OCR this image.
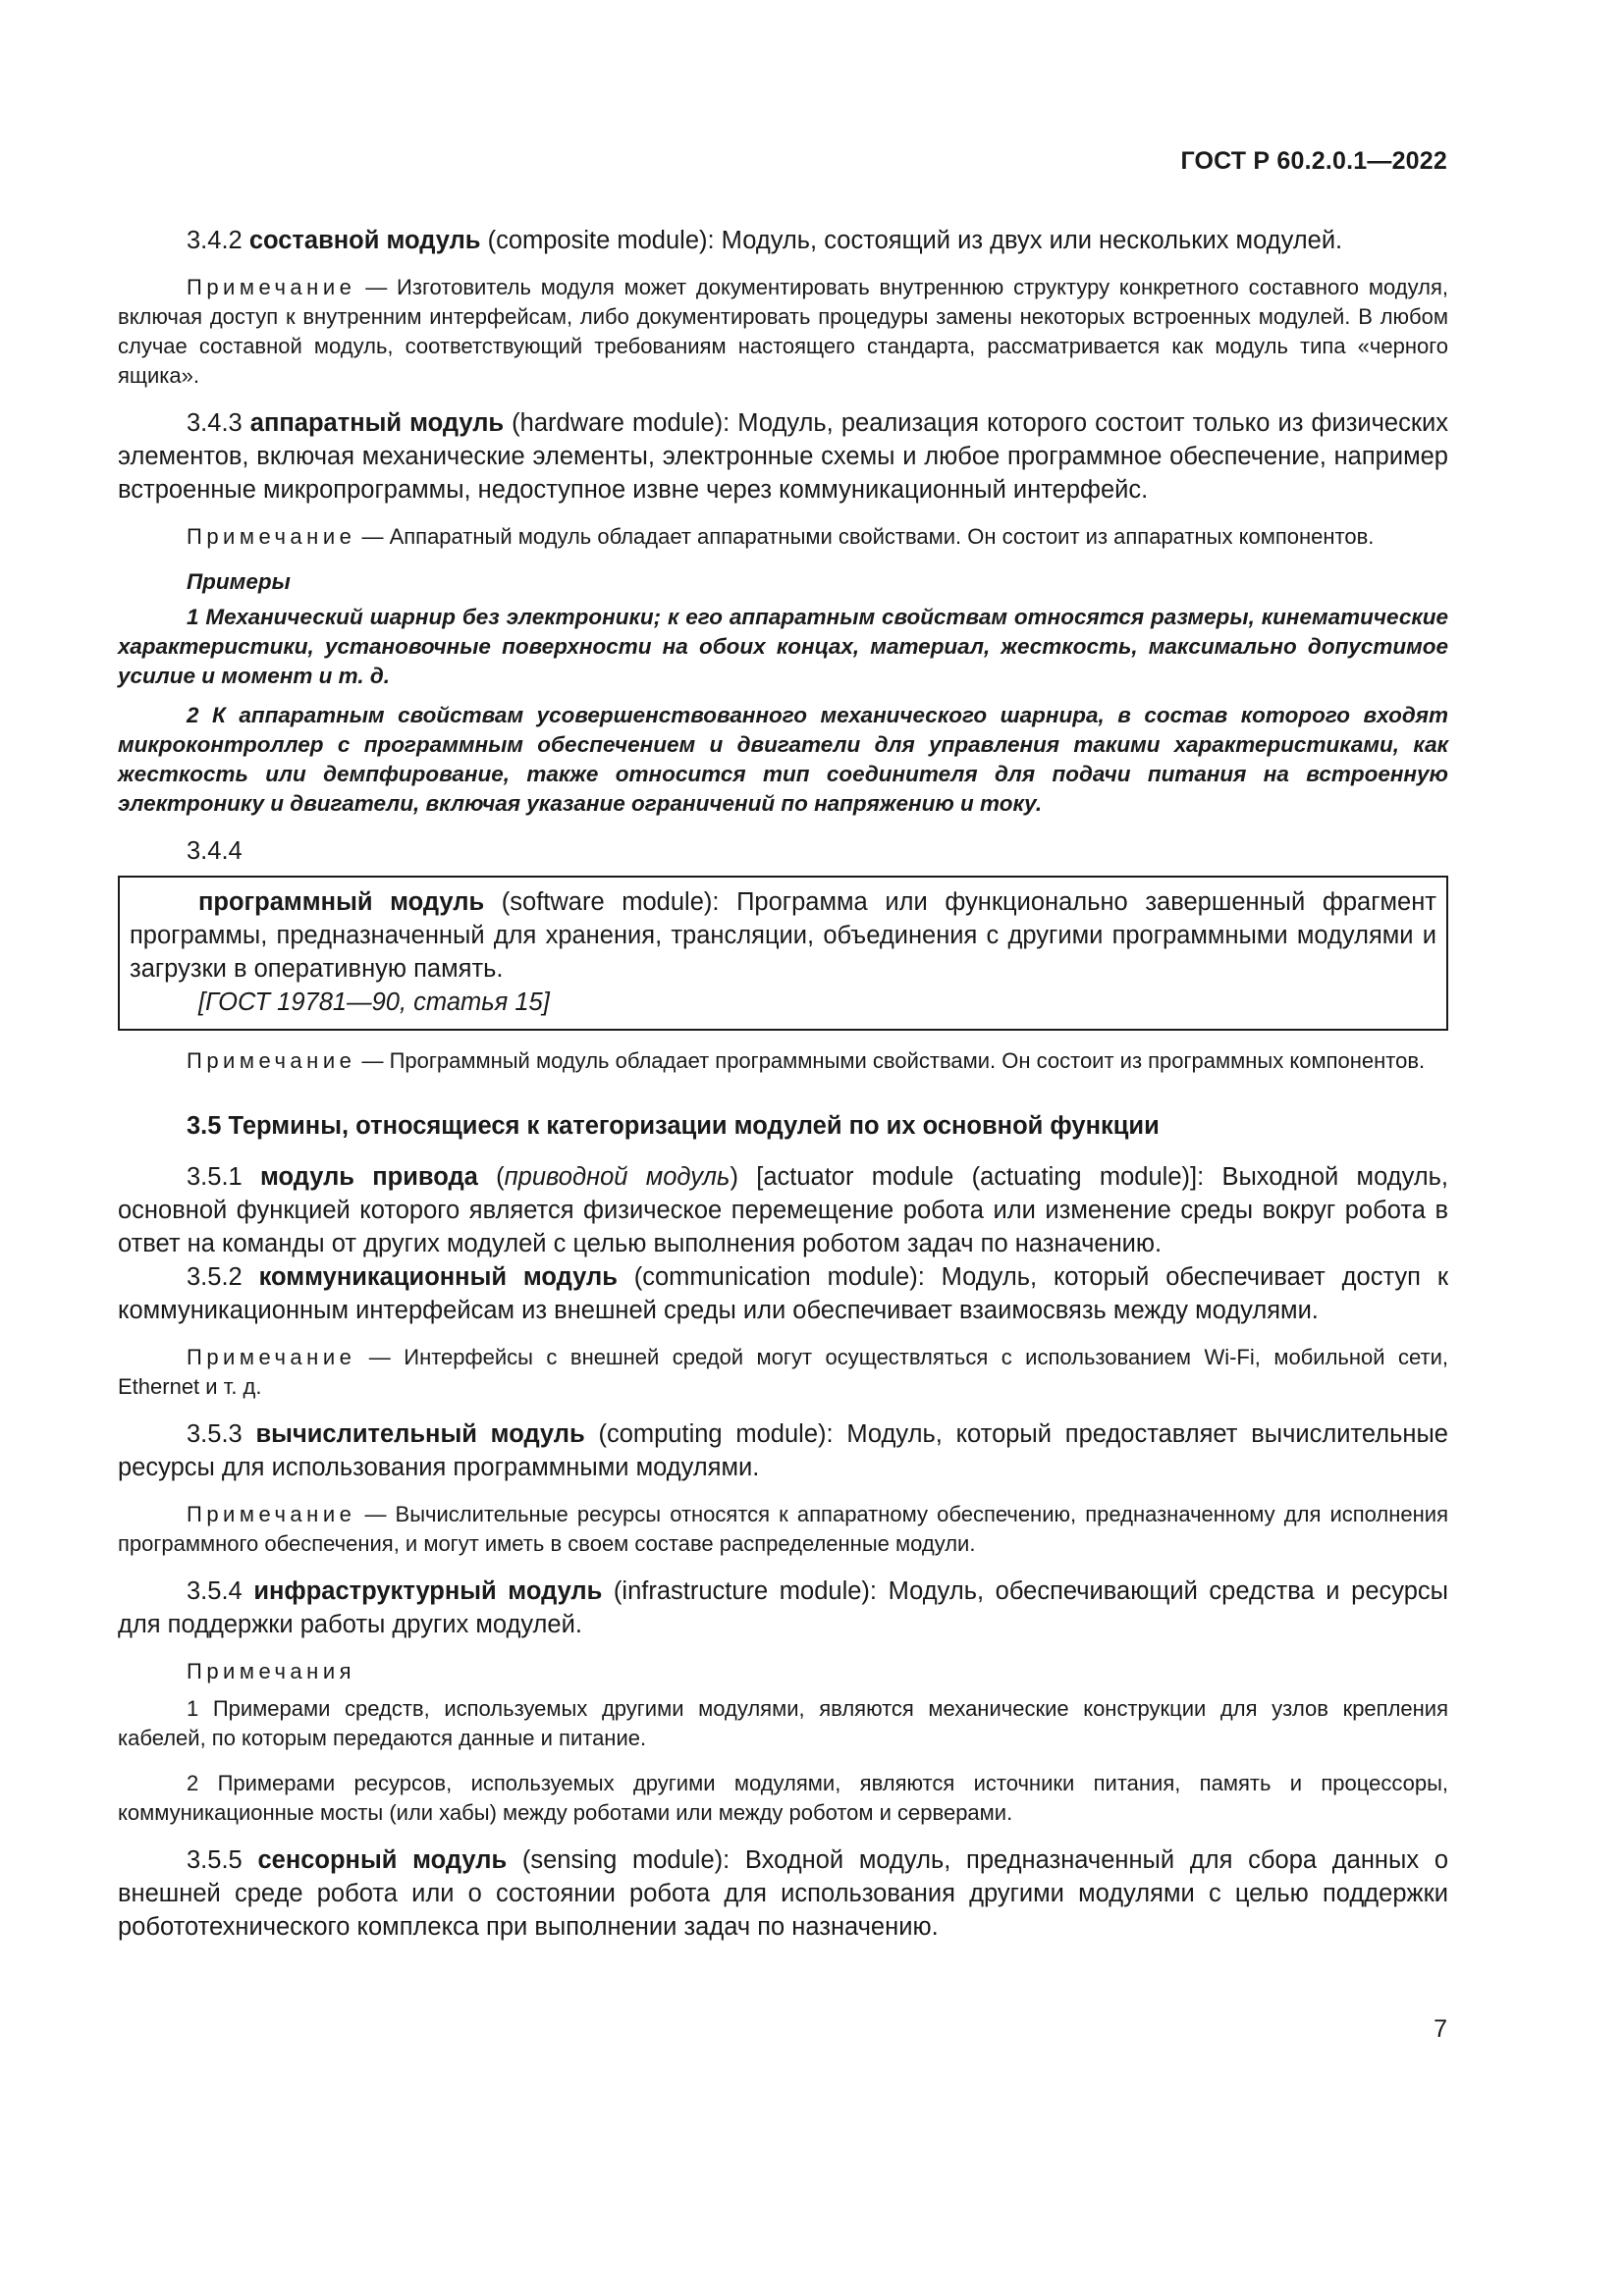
ГОСТ Р 60.2.0.1—2022

3.4.2 составной модуль (composite module): Модуль, состоящий из двух или нескольких модулей.

Примечание — Изготовитель модуля может документировать внутреннюю структуру конкретного составного модуля, включая доступ к внутренним интерфейсам, либо документировать процедуры замены некоторых встроенных модулей. В любом случае составной модуль, соответствующий требованиям настоящего стандарта, рассматривается как модуль типа «черного ящика».

3.4.3 аппаратный модуль (hardware module): Модуль, реализация которого состоит только из физических элементов, включая механические элементы, электронные схемы и любое программное обеспечение, например встроенные микропрограммы, недоступное извне через коммуникационный интерфейс.

Примечание — Аппаратный модуль обладает аппаратными свойствами. Он состоит из аппаратных компонентов.

Примеры

1 Механический шарнир без электроники; к его аппаратным свойствам относятся размеры, кинематические характеристики, установочные поверхности на обоих концах, материал, жесткость, максимально допустимое усилие и момент и т. д.

2 К аппаратным свойствам усовершенствованного механического шарнира, в состав которого входят микроконтроллер с программным обеспечением и двигатели для управления такими характеристиками, как жесткость или демпфирование, также относится тип соединителя для подачи питания на встроенную электронику и двигатели, включая указание ограничений по напряжению и току.

3.4.4

программный модуль (software module): Программа или функционально завершенный фрагмент программы, предназначенный для хранения, трансляции, объединения с другими программными модулями и загрузки в оперативную память.

[ГОСТ 19781—90, статья 15]

Примечание — Программный модуль обладает программными свойствами. Он состоит из программных компонентов.

3.5 Термины, относящиеся к категоризации модулей по их основной функции

3.5.1 модуль привода (приводной модуль) [actuator module (actuating module)]: Выходной модуль, основной функцией которого является физическое перемещение робота или изменение среды вокруг робота в ответ на команды от других модулей с целью выполнения роботом задач по назначению.

3.5.2 коммуникационный модуль (communication module): Модуль, который обеспечивает доступ к коммуникационным интерфейсам из внешней среды или обеспечивает взаимосвязь между модулями.

Примечание — Интерфейсы с внешней средой могут осуществляться с использованием Wi-Fi, мобильной сети, Ethernet и т. д.

3.5.3 вычислительный модуль (computing module): Модуль, который предоставляет вычислительные ресурсы для использования программными модулями.

Примечание — Вычислительные ресурсы относятся к аппаратному обеспечению, предназначенному для исполнения программного обеспечения, и могут иметь в своем составе распределенные модули.

3.5.4 инфраструктурный модуль (infrastructure module): Модуль, обеспечивающий средства и ресурсы для поддержки работы других модулей.

Примечания

1 Примерами средств, используемых другими модулями, являются механические конструкции для узлов крепления кабелей, по которым передаются данные и питание.

2 Примерами ресурсов, используемых другими модулями, являются источники питания, память и процессоры, коммуникационные мосты (или хабы) между роботами или между роботом и серверами.

3.5.5 сенсорный модуль (sensing module): Входной модуль, предназначенный для сбора данных о внешней среде робота или о состоянии робота для использования другими модулями с целью поддержки робототехнического комплекса при выполнении задач по назначению.

7
